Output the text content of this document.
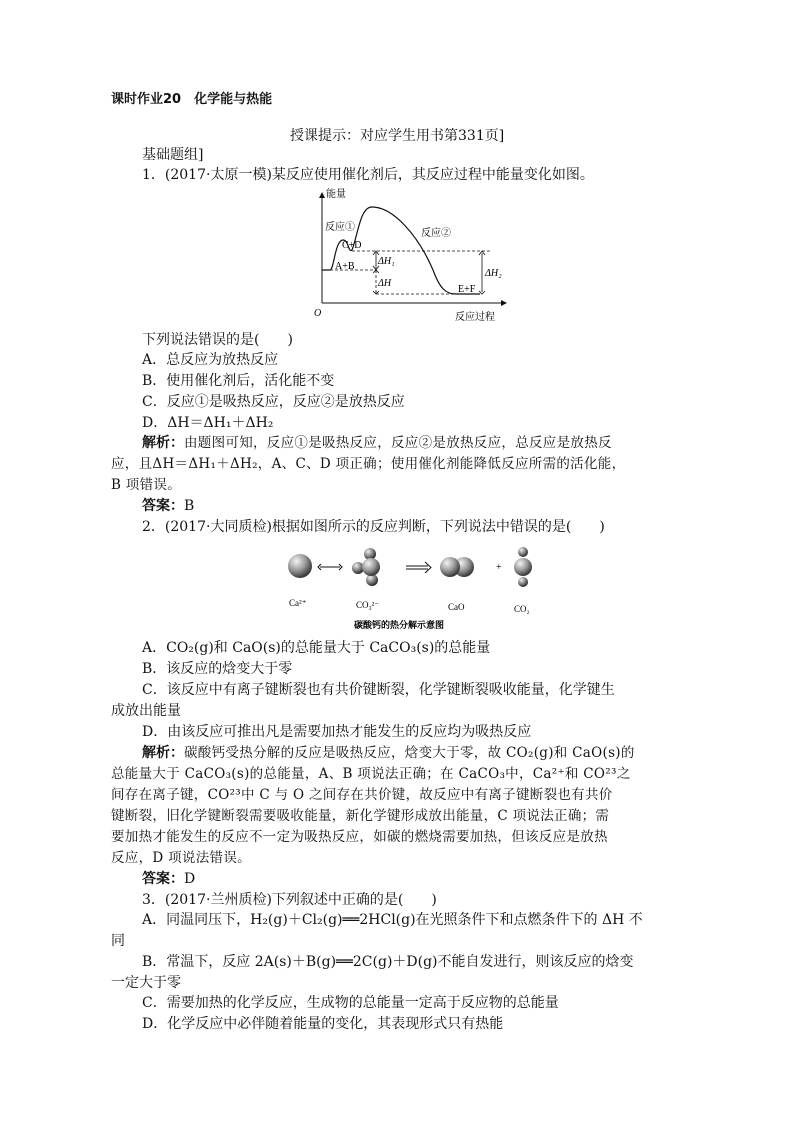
课时作业20　化学能与热能
授课提示：对应学生用书第331页]
基础题组]
1．(2017·太原一模)某反应使用催化剂后，其反应过程中能量变化如图。
能量
O	反应过程
反应①
反应②
C+D
A+B
E+F
ΔH₁
ΔH
ΔH₂
下列说法错误的是(　　)
A．总反应为放热反应
B．使用催化剂后，活化能不变
C．反应①是吸热反应，反应②是放热反应
D．ΔH＝ΔH₁＋ΔH₂
解析：由题图可知，反应①是吸热反应，反应②是放热反应，总反应是放热反
应，且ΔH＝ΔH₁＋ΔH₂，A、C、D 项正确；使用催化剂能降低反应所需的活化能，
B 项错误。
答案：B
2．(2017·大同质检)根据如图所示的反应判断，下列说法中错误的是(　　)
+
Ca²⁺	CO₃²⁻	CaO	CO₂
碳酸钙的热分解示意图
A．CO₂(g)和 CaO(s)的总能量大于 CaCO₃(s)的总能量
B．该反应的焓变大于零
C．该反应中有离子键断裂也有共价键断裂，化学键断裂吸收能量，化学键生
成放出能量
D．由该反应可推出凡是需要加热才能发生的反应均为吸热反应
解析：碳酸钙受热分解的反应是吸热反应，焓变大于零，故 CO₂(g)和 CaO(s)的
总能量大于 CaCO₃(s)的总能量，A、B 项说法正确；在 CaCO₃中，Ca²⁺和 CO²³之
间存在离子键，CO²³中 C 与 O 之间存在共价键，故反应中有离子键断裂也有共价
键断裂，旧化学键断裂需要吸收能量，新化学键形成放出能量，C 项说法正确；需
要加热才能发生的反应不一定为吸热反应，如碳的燃烧需要加热，但该反应是放热
反应，D 项说法错误。
答案：D
3．(2017·兰州质检)下列叙述中正确的是(　　)
A．同温同压下，H₂(g)＋Cl₂(g)══2HCl(g)在光照条件下和点燃条件下的 ΔH 不
同
B．常温下，反应 2A(s)＋B(g)══2C(g)＋D(g)不能自发进行，则该反应的焓变
一定大于零
C．需要加热的化学反应，生成物的总能量一定高于反应物的总能量
D．化学反应中必伴随着能量的变化，其表现形式只有热能
